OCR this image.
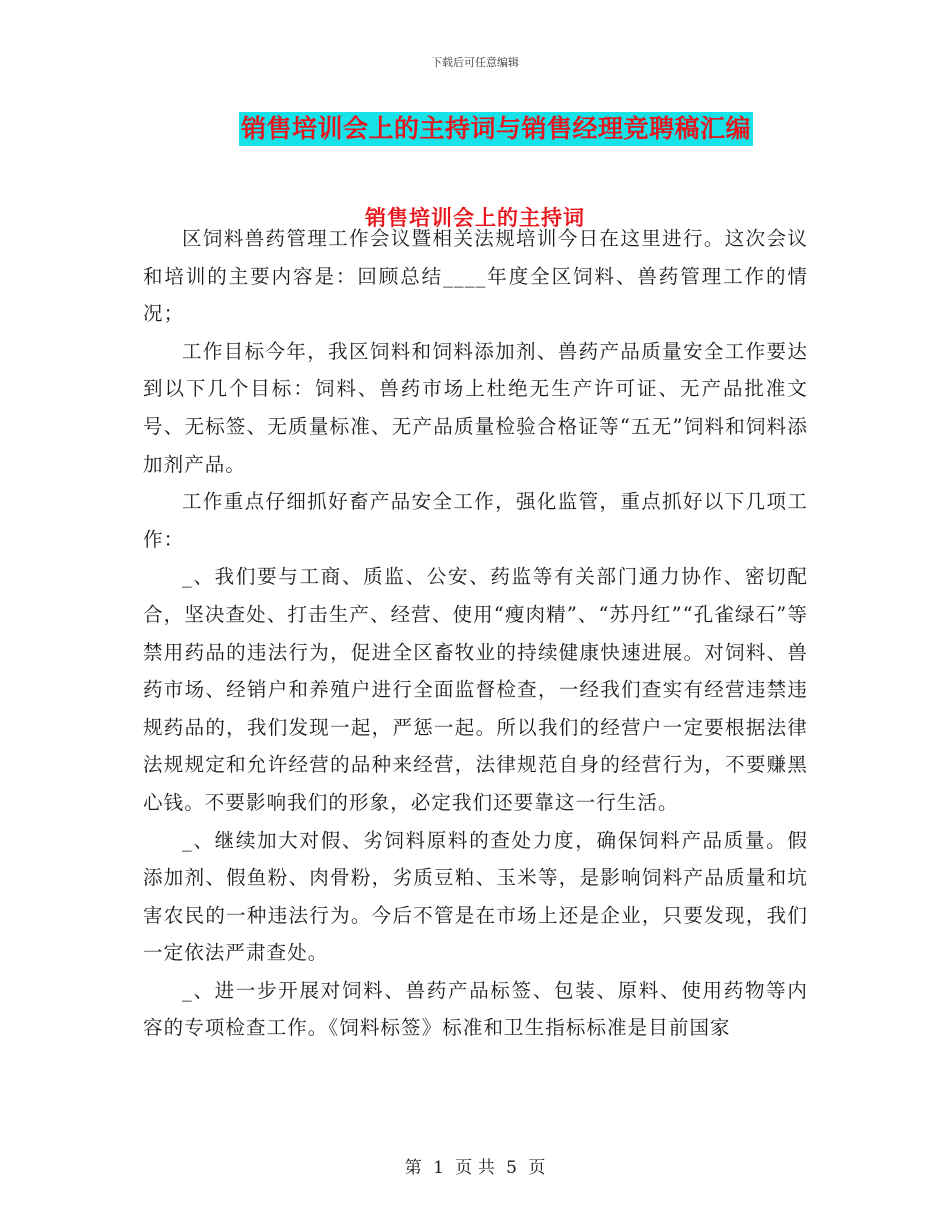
下载后可任意编辑
销售培训会上的主持词与销售经理竞聘稿汇编
销售培训会上的主持词

区饲料兽药管理工作会议暨相关法规培训今日在这里进行。这次会议和培训的主要内容是：回顾总结____年度全区饲料、兽药管理工作的情况；

工作目标今年，我区饲料和饲料添加剂、兽药产品质量安全工作要达到以下几个目标：饲料、兽药市场上杜绝无生产许可证、无产品批准文号、无标签、无质量标准、无产品质量检验合格证等“五无”饲料和饲料添加剂产品。

工作重点仔细抓好畜产品安全工作，强化监管，重点抓好以下几项工作：

_、我们要与工商、质监、公安、药监等有关部门通力协作、密切配合，坚决查处、打击生产、经营、使用“瘦肉精”、“苏丹红”“孔雀绿石”等禁用药品的违法行为，促进全区畜牧业的持续健康快速进展。对饲料、兽药市场、经销户和养殖户进行全面监督检查，一经我们查实有经营违禁违规药品的，我们发现一起，严惩一起。所以我们的经营户一定要根据法律法规规定和允许经营的品种来经营，法律规范自身的经营行为，不要赚黑心钱。不要影响我们的形象，必定我们还要靠这一行生活。

_、继续加大对假、劣饲料原料的查处力度，确保饲料产品质量。假添加剂、假鱼粉、肉骨粉，劣质豆粕、玉米等，是影响饲料产品质量和坑害农民的一种违法行为。今后不管是在市场上还是企业，只要发现，我们一定依法严肃查处。

_、进一步开展对饲料、兽药产品标签、包装、原料、使用药物等内容的专项检查工作。《饲料标签》标准和卫生指标标准是目前国家

第 1 页 共 5 页
